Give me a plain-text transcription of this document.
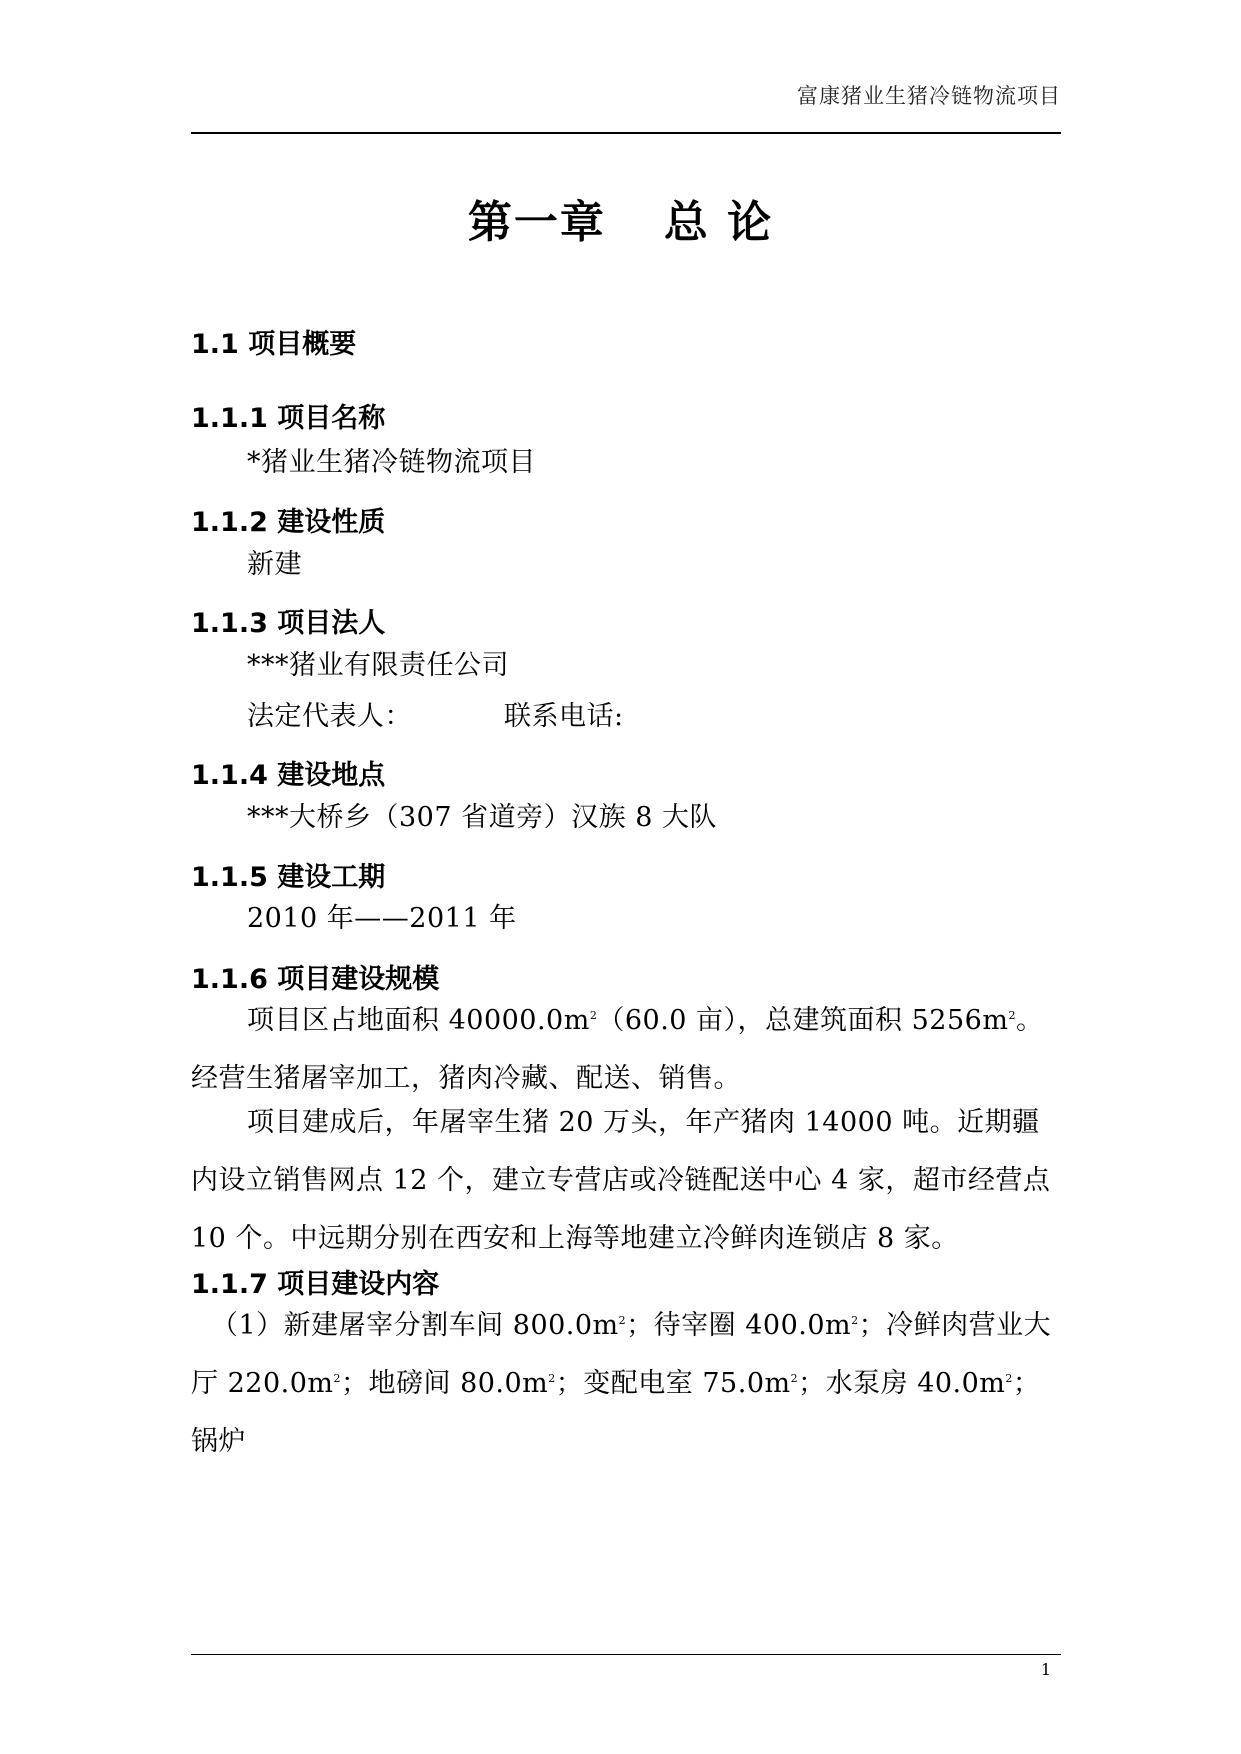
富康猪业生猪冷链物流项目
第一章 总 论
1.1 项目概要
1.1.1 项目名称
*猪业生猪冷链物流项目
1.1.2 建设性质
新建
1.1.3 项目法人
***猪业有限责任公司
法定代表人：	联系电话:
1.1.4 建设地点
***大桥乡（307 省道旁）汉族 8 大队
1.1.5 建设工期
2010 年——2011 年
1.1.6 项目建设规模
项目区占地面积 $40000.0m^2(60.0$ 亩），总建筑面积 $5256m^2$。经营生猪屠宰加工，猪肉冷藏、配送、销售。
项目建成后，年屠宰生猪 20 万头，年产猪肉 14000 吨。近期疆内设立销售网点 12 个，建立专营店或冷链配送中心 4 家，超市经营点 10 个。中远期分别在西安和上海等地建立冷鲜肉连锁店 8 家。
1.1.7 项目建设内容
（1）新建屠宰分割车间 $800.0m^2$；待宰圈 $400.0m^2$；冷鲜肉营业大厅 $220.0m^2$；地磅间 $80.0m^2$；变配电室 $75.0m^2$；水泵房 $40.0m^2$；锅炉
1
